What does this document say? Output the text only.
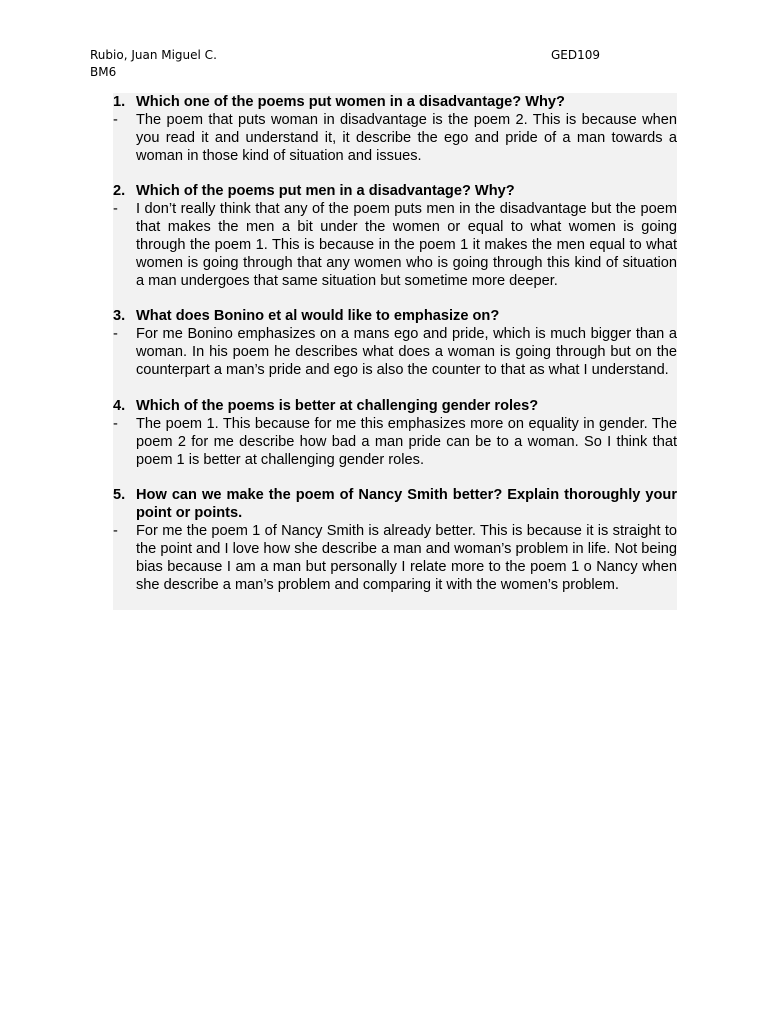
Rubio, Juan Miguel C.
BM6
GED109
1. Which one of the poems put women in a disadvantage? Why?
- The poem that puts woman in disadvantage is the poem 2. This is because when you read it and understand it, it describe the ego and pride of a man towards a woman in those kind of situation and issues.
2. Which of the poems put men in a disadvantage? Why?
- I don’t really think that any of the poem puts men in the disadvantage but the poem that makes the men a bit under the women or equal to what women is going through the poem 1. This is because in the poem 1 it makes the men equal to what women is going through that any women who is going through this kind of situation a man undergoes that same situation but sometime more deeper.
3. What does Bonino et al would like to emphasize on?
- For me Bonino emphasizes on a mans ego and pride, which is much bigger than a woman. In his poem he describes what does a woman is going through but on the counterpart a man’s pride and ego is also the counter to that as what I understand.
4. Which of the poems is better at challenging gender roles?
- The poem 1. This because for me this emphasizes more on equality in gender. The poem 2 for me describe how bad a man pride can be to a woman. So I think that poem 1 is better at challenging gender roles.
5. How can we make the poem of Nancy Smith better? Explain thoroughly your point or points.
- For me the poem 1 of Nancy Smith is already better. This is because it is straight to the point and I love how she describe a man and woman’s problem in life. Not being bias because I am a man but personally I relate more to the poem 1 o Nancy when she describe a man’s problem and comparing it with the women’s problem.
